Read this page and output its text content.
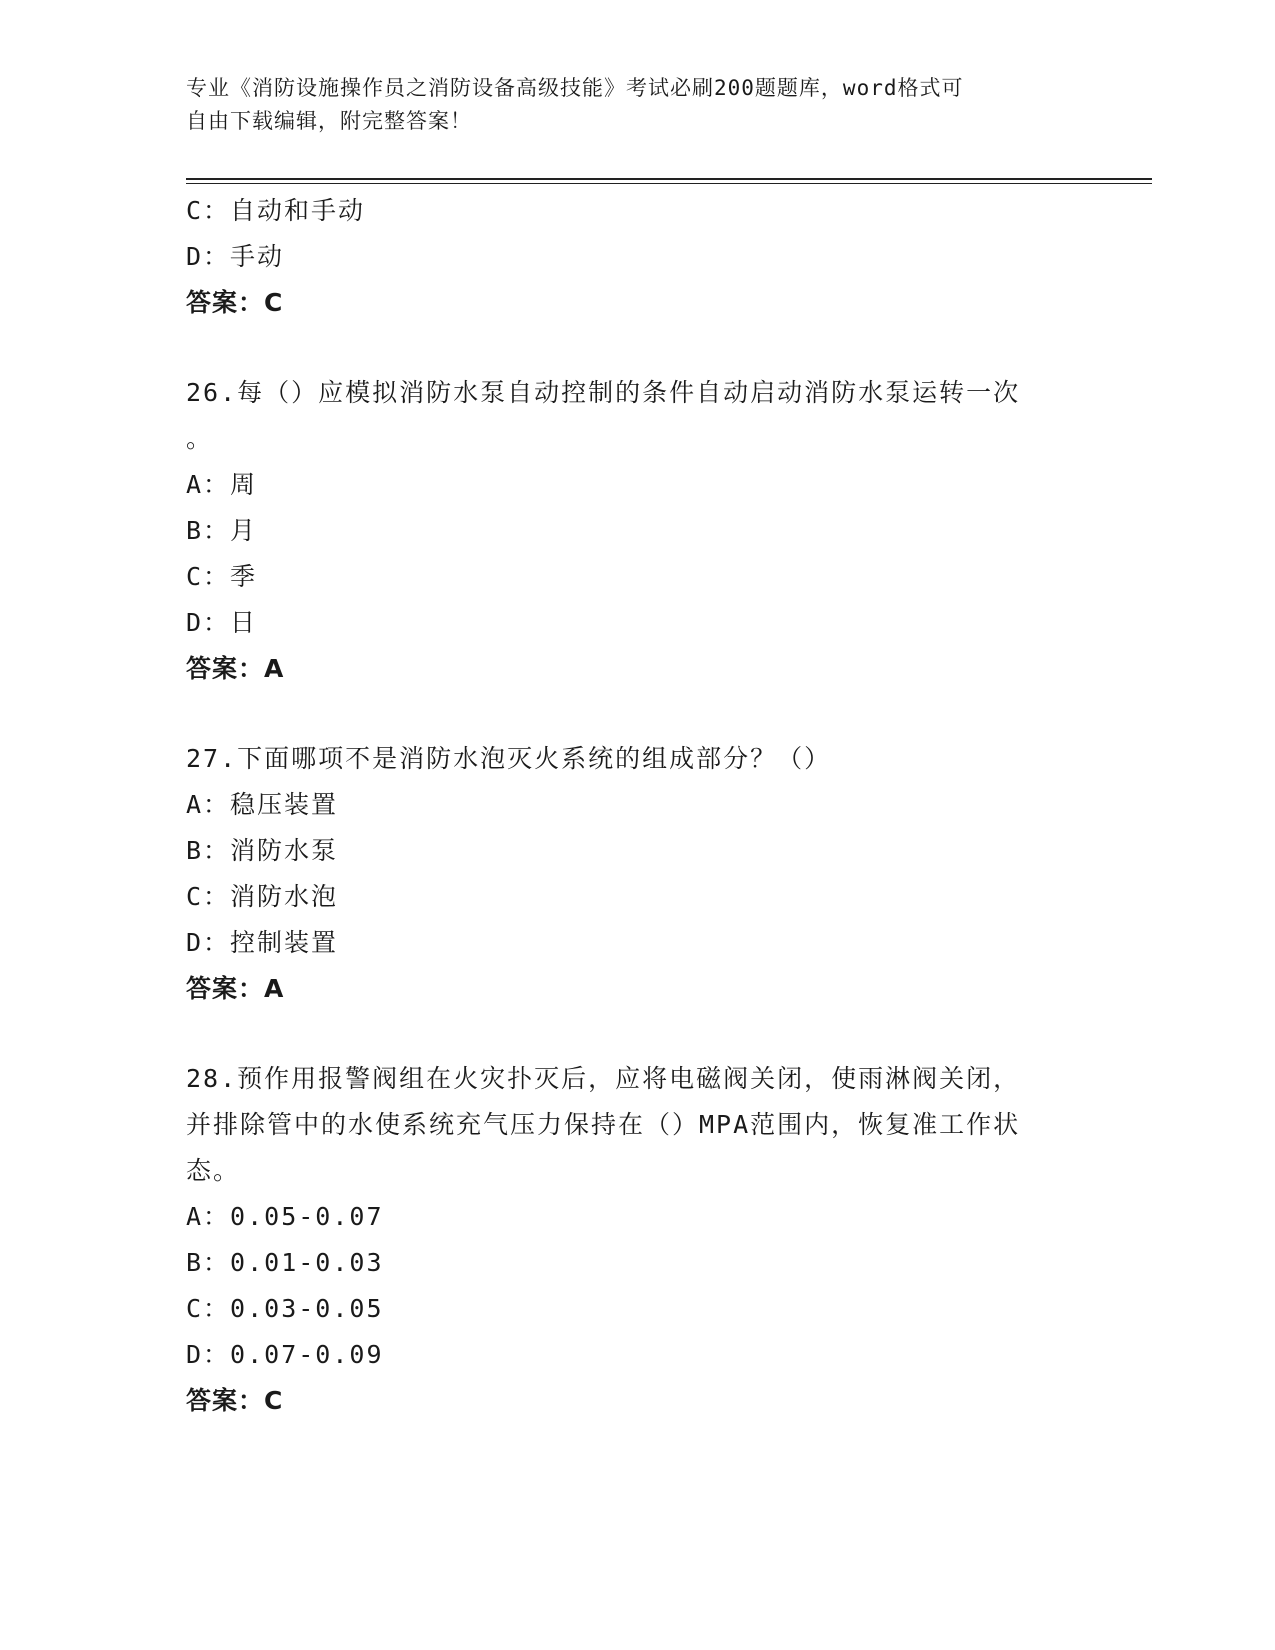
专业《消防设施操作员之消防设备高级技能》考试必刷200题题库，word格式可
自由下载编辑，附完整答案！
C：自动和手动
D：手动
答案：C
26.每（）应模拟消防水泵自动控制的条件自动启动消防水泵运转一次
。
A：周
B：月
C：季
D：日
答案：A
27.下面哪项不是消防水泡灭火系统的组成部分？（）
A：稳压装置
B：消防水泵
C：消防水泡
D：控制装置
答案：A
28.预作用报警阀组在火灾扑灭后，应将电磁阀关闭，使雨淋阀关闭，
并排除管中的水使系统充气压力保持在（）MPA范围内，恢复准工作状
态。
A：0.05-0.07
B：0.01-0.03
C：0.03-0.05
D：0.07-0.09
答案：C
